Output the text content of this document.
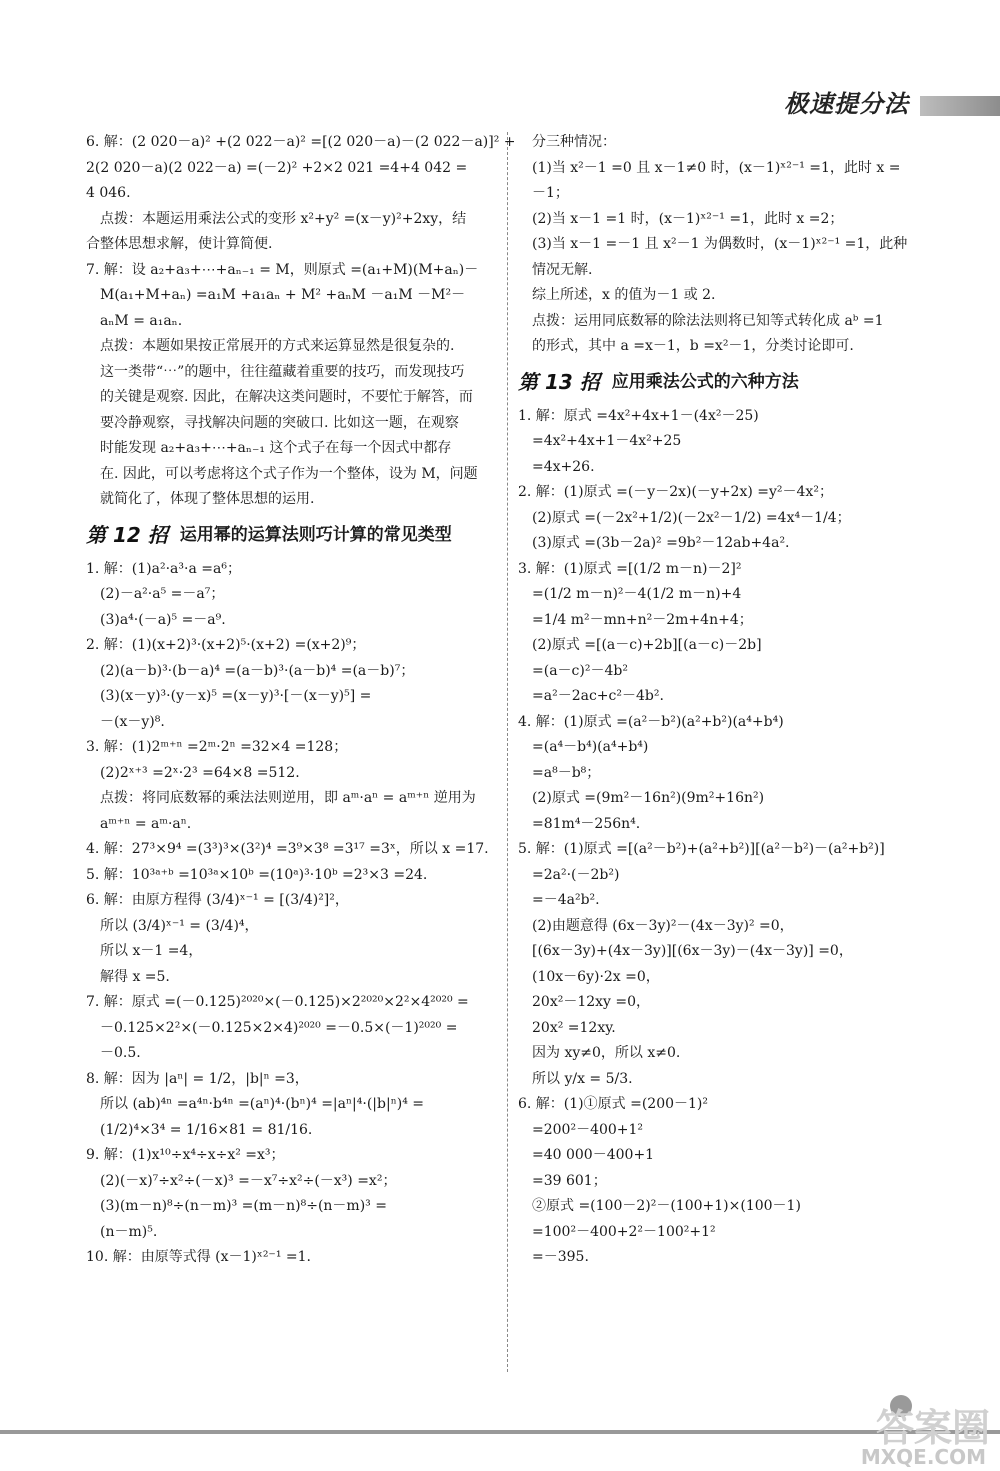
极速提分法
6. 解：(2 020－a)² +(2 022－a)² =[(2 020－a)－(2 022－a)]² +
2(2 020－a)(2 022－a) =(－2)² +2×2 021 =4+4 042 =
4 046.
点拨：本题运用乘法公式的变形 x²+y² =(x－y)²+2xy，结
合整体思想求解，使计算简便.
7. 解：设 a₂+a₃+⋯+aₙ₋₁ = M，则原式 =(a₁+M)(M+aₙ)－
M(a₁+M+aₙ) =a₁M +a₁aₙ + M² +aₙM －a₁M －M²－
aₙM = a₁aₙ.
点拨：本题如果按正常展开的方式来运算显然是很复杂的.
这一类带“⋯”的题中，往往蕴藏着重要的技巧，而发现技巧
的关键是观察. 因此，在解决这类问题时，不要忙于解答，而
要冷静观察，寻找解决问题的突破口. 比如这一题，在观察
时能发现 a₂+a₃+⋯+aₙ₋₁ 这个式子在每一个因式中都存
在. 因此，可以考虑将这个式子作为一个整体，设为 M，问题
就简化了，体现了整体思想的运用.
第 12 招 运用幂的运算法则巧计算的常见类型
1. 解：(1)a²·a³·a =a⁶；
(2)－a²·a⁵ =－a⁷；
(3)a⁴·(－a)⁵ =－a⁹.
2. 解：(1)(x+2)³·(x+2)⁵·(x+2) =(x+2)⁹；
(2)(a－b)³·(b－a)⁴ =(a－b)³·(a－b)⁴ =(a－b)⁷；
(3)(x－y)³·(y－x)⁵ =(x－y)³·[－(x－y)⁵] =
－(x－y)⁸.
3. 解：(1)2ᵐ⁺ⁿ =2ᵐ·2ⁿ =32×4 =128；
(2)2ˣ⁺³ =2ˣ·2³ =64×8 =512.
点拨：将同底数幂的乘法法则逆用，即 aᵐ·aⁿ = aᵐ⁺ⁿ 逆用为
aᵐ⁺ⁿ = aᵐ·aⁿ.
4. 解：27³×9⁴ =(3³)³×(3²)⁴ =3⁹×3⁸ =3¹⁷ =3ˣ，所以 x =17.
5. 解：10³ᵃ⁺ᵇ =10³ᵃ×10ᵇ =(10ᵃ)³·10ᵇ =2³×3 =24.
6. 解：由原方程得 (3/4)ˣ⁻¹ = [(3/4)²]²，
所以 (3/4)ˣ⁻¹ = (3/4)⁴，
所以 x－1 =4，
解得 x =5.
7. 解：原式 =(－0.125)²⁰²⁰×(－0.125)×2²⁰²⁰×2²×4²⁰²⁰ =
－0.125×2²×(－0.125×2×4)²⁰²⁰ =－0.5×(－1)²⁰²⁰ =
－0.5.
8. 解：因为 |aⁿ| = 1/2，|b|ⁿ =3，
所以 (ab)⁴ⁿ =a⁴ⁿ·b⁴ⁿ =(aⁿ)⁴·(bⁿ)⁴ =|aⁿ|⁴·(|b|ⁿ)⁴ =
(1/2)⁴×3⁴ = 1/16×81 = 81/16.
9. 解：(1)x¹⁰÷x⁴÷x÷x² =x³；
(2)(－x)⁷÷x²÷(－x)³ =－x⁷÷x²÷(－x³) =x²；
(3)(m－n)⁸÷(n－m)³ =(m－n)⁸÷(n－m)³ =
(n－m)⁵.
10. 解：由原等式得 (x－1)ˣ²⁻¹ =1.
分三种情况：
(1)当 x²－1 =0 且 x－1≠0 时，(x－1)ˣ²⁻¹ =1，此时 x =
－1；
(2)当 x－1 =1 时，(x－1)ˣ²⁻¹ =1，此时 x =2；
(3)当 x－1 =－1 且 x²－1 为偶数时，(x－1)ˣ²⁻¹ =1，此种
情况无解.
综上所述，x 的值为－1 或 2.
点拨：运用同底数幂的除法法则将已知等式转化成 aᵇ =1
的形式，其中 a =x－1，b =x²－1，分类讨论即可.
第 13 招 应用乘法公式的六种方法
1. 解：原式 =4x²+4x+1－(4x²－25)
=4x²+4x+1－4x²+25
=4x+26.
2. 解：(1)原式 =(－y－2x)(－y+2x) =y²－4x²；
(2)原式 =(－2x²+1/2)(－2x²－1/2) =4x⁴－1/4；
(3)原式 =(3b－2a)² =9b²－12ab+4a².
3. 解：(1)原式 =[(1/2 m－n)－2]²
=(1/2 m－n)²－4(1/2 m－n)+4
=1/4 m²－mn+n²－2m+4n+4；
(2)原式 =[(a－c)+2b][(a－c)－2b]
=(a－c)²－4b²
=a²－2ac+c²－4b².
4. 解：(1)原式 =(a²－b²)(a²+b²)(a⁴+b⁴)
=(a⁴－b⁴)(a⁴+b⁴)
=a⁸－b⁸；
(2)原式 =(9m²－16n²)(9m²+16n²)
=81m⁴－256n⁴.
5. 解：(1)原式 =[(a²－b²)+(a²+b²)][(a²－b²)－(a²+b²)]
=2a²·(－2b²)
=－4a²b².
(2)由题意得 (6x－3y)²－(4x－3y)² =0，
[(6x－3y)+(4x－3y)][(6x－3y)－(4x－3y)] =0，
(10x－6y)·2x =0，
20x²－12xy =0，
20x² =12xy.
因为 xy≠0，所以 x≠0.
所以 y/x = 5/3.
6. 解：(1)①原式 =(200－1)²
=200²－400+1²
=40 000－400+1
=39 601；
②原式 =(100－2)²－(100+1)×(100－1)
=100²－400+2²－100²+1²
=－395.
答案圈
MXQE.COM
